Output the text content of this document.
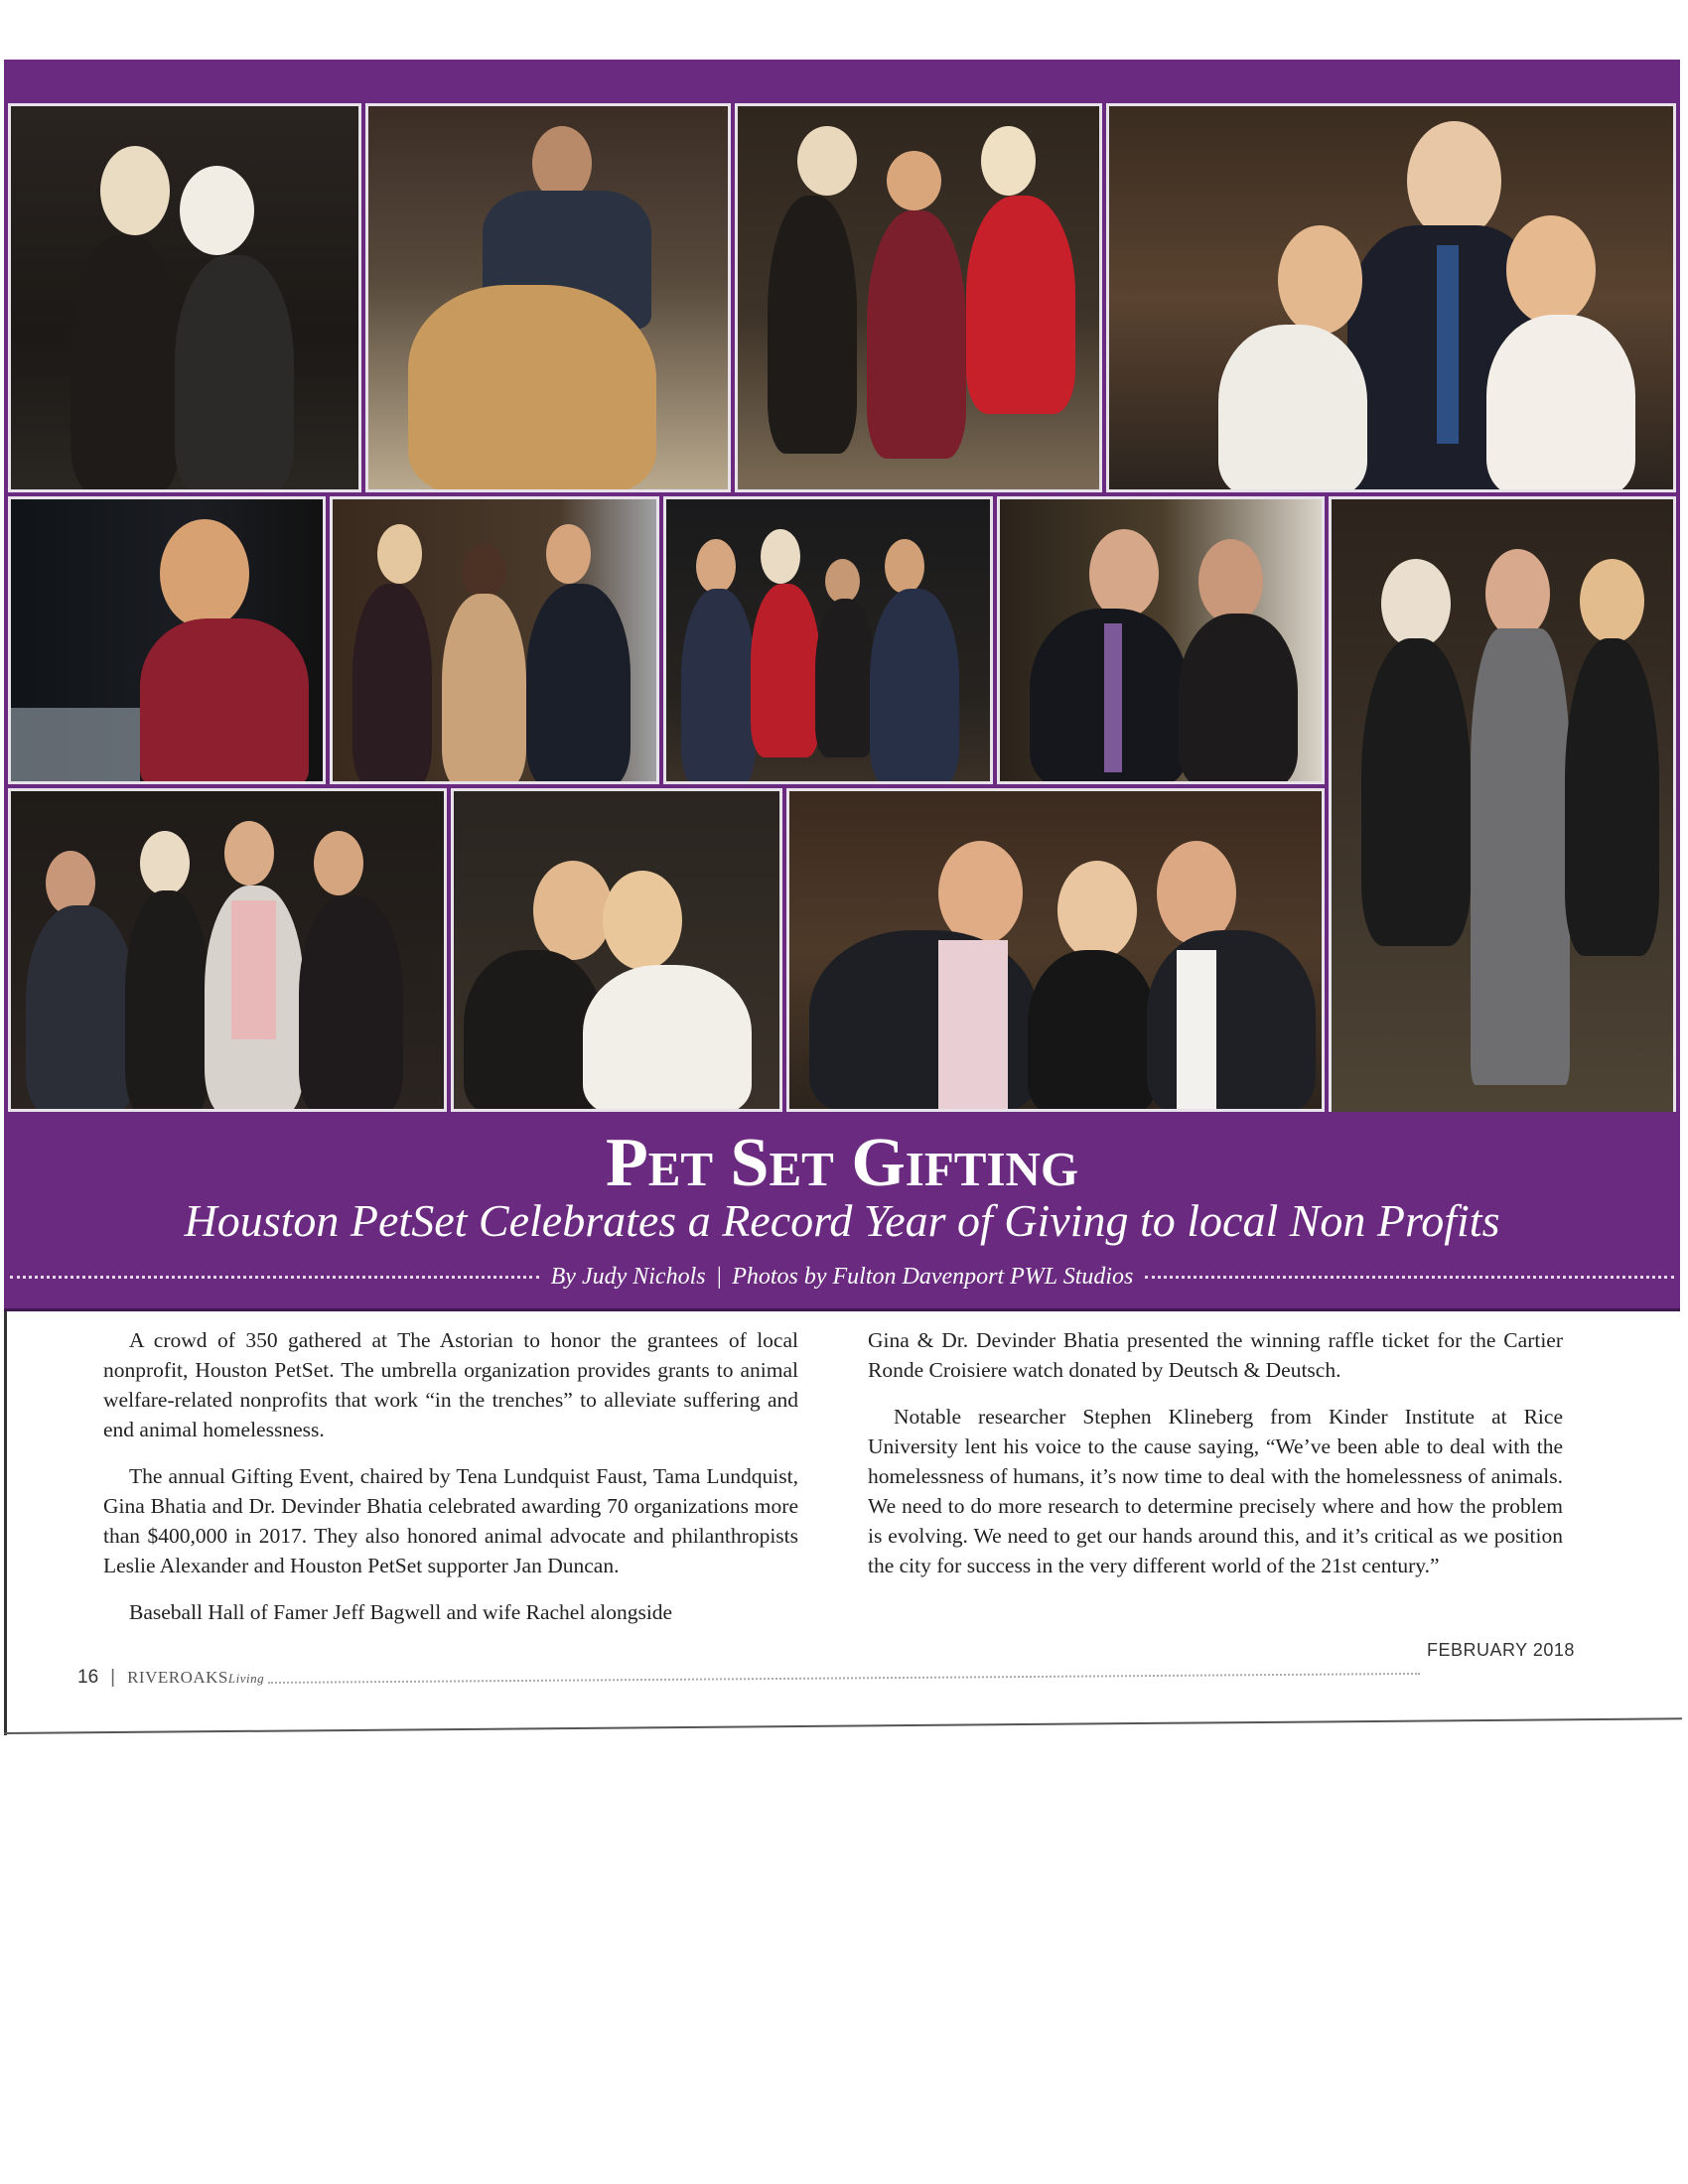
Pet Set Gifting
Houston PetSet Celebrates a Record Year of Giving to local Non Profits
By Judy Nichols | Photos by Fulton Davenport PWL Studios

A crowd of 350 gathered at The Astorian to honor the grantees of local nonprofit, Houston PetSet. The umbrella organization provides grants to animal welfare-related nonprofits that work “in the trenches” to alleviate suffering and end animal homelessness.

The annual Gifting Event, chaired by Tena Lundquist Faust, Tama Lundquist, Gina Bhatia and Dr. Devinder Bhatia celebrated awarding 70 organizations more than $400,000 in 2017. They also honored animal advocate and philanthropists Leslie Alexander and Houston PetSet supporter Jan Duncan.

Baseball Hall of Famer Jeff Bagwell and wife Rachel alongside

Gina & Dr. Devinder Bhatia presented the winning raffle ticket for the Cartier Ronde Croisiere watch donated by Deutsch & Deutsch.

Notable researcher Stephen Klineberg from Kinder Institute at Rice University lent his voice to the cause saying, “We’ve been able to deal with the homelessness of humans, it’s now time to deal with the homelessness of animals. We need to do more research to determine precisely where and how the problem is evolving. We need to get our hands around this, and it’s critical as we position the city for success in the very different world of the 21st century.”

16 | RIVEROAKSLiving
FEBRUARY 2018
